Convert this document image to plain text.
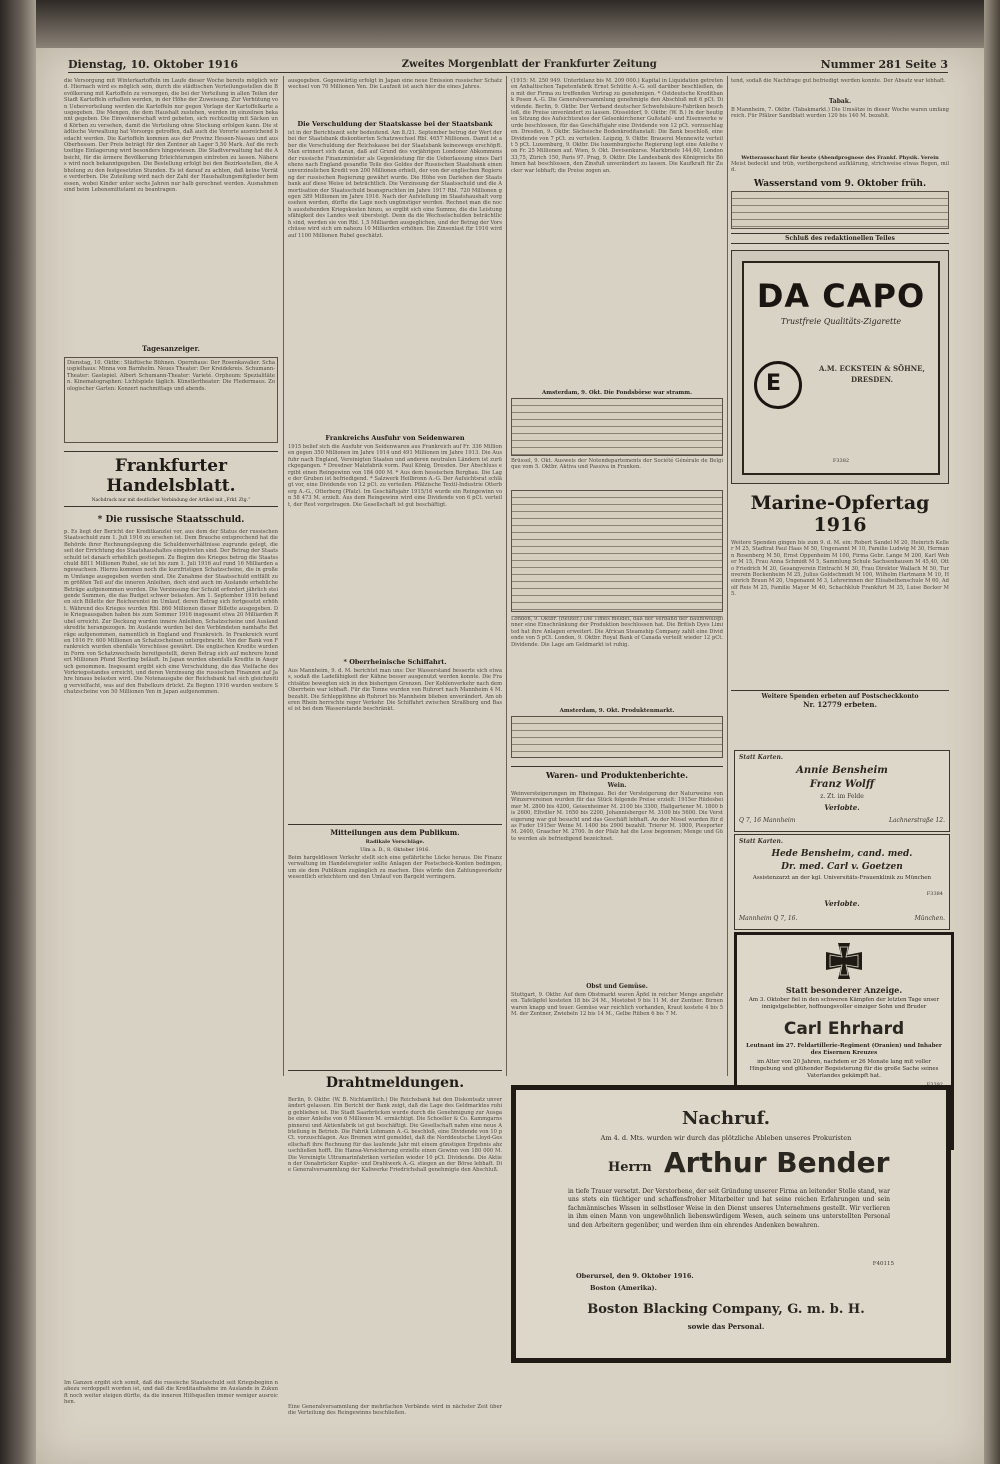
Dienstag, 10. Oktober 1916	Zweites Morgenblatt der Frankfurter Zeitung	Nummer 281 Seite 3
die Versorgung mit Winterkartoffeln im Laufe dieser Woche bereits möglich wird. Hiernach wird es möglich sein, durch die städtischen Verteilungsstellen die Bevölkerung mit Kartoffeln zu versorgen, die bei der Verteilung in allen Teilen der Stadt Kartoffeln erhalten werden, in der Höhe der Zuweisung. Zur Verhütung von Uebervorteilung werden die Kartoffeln nur gegen Vorlage der Kartoffelkarte ausgegeben. Die Mengen, die dem Haushalt zustehen, werden im einzelnen bekannt gegeben. Die Einwohnerschaft wird gebeten, sich rechtzeitig mit Säcken und Körben zu versehen, damit die Verteilung ohne Stockung erfolgen kann. Die städtische Verwaltung hat Vorsorge getroffen, daß auch die Vororte ausreichend bedacht werden. Die Kartoffeln kommen aus der Provinz Hessen-Nassau und aus Oberhessen. Der Preis beträgt für den Zentner ab Lager 5,50 Mark. Auf die rechtzeitige Einlagerung wird besonders hingewiesen. Die Stadtverwaltung hat die Absicht, für die ärmere Bevölkerung Erleichterungen eintreten zu lassen. Näheres wird noch bekanntgegeben. Die Bestellung erfolgt bei den Bezirksstellen, die Abholung zu den festgesetzten Stunden. Es ist darauf zu achten, daß keine Vorräte verderben. Die Zuteilung wird nach der Zahl der Haushaltungsmitglieder bemessen, wobei Kinder unter sechs Jahren nur halb gerechnet werden. Ausnahmen sind beim Lebensmittelamt zu beantragen.
Tagesanzeiger.
Dienstag, 10. Oktbr.: Städtische Bühnen. Opernhaus: Der Rosenkavalier. Schauspielhaus: Minna von Barnhelm. Neues Theater: Der Kreidekreis. Schumann-Theater: Gastspiel. Albert Schumann-Theater: Varieté. Orpheum: Spezialitäten. Kinematographen: Lichtspiele täglich. Künstlertheater: Die Fledermaus. Zoologischer Garten: Konzert nachmittags und abends.
Frankfurter Handelsblatt.
Nachdruck nur mit deutlicher Verbindung der Artikel mit „Frkf. Ztg.“
* Die russische Staatsschuld.
p. Es liegt der Bericht der Kreditkanzlei vor, aus dem der Status der russischen Staatsschuld zum 1. Juli 1916 zu ersehen ist. Dem Brauche entsprechend hat die Behörde ihrer Rechnungslegung die Schuldenverhältnisse zugrunde gelegt, die seit der Errichtung des Staatshaushaltes eingetreten sind. Der Betrag der Staatsschuld ist danach erheblich gestiegen. Zu Beginn des Krieges betrug die Staatsschuld 8811 Millionen Rubel, sie ist bis zum 1. Juli 1916 auf rund 16 Milliarden angewachsen. Hierzu kommen noch die kurzfristigen Schatzscheine, die in großem Umfange ausgegeben worden sind. Die Zunahme der Staatsschuld entfällt zum größten Teil auf die inneren Anleihen, doch sind auch im Auslande erhebliche Beträge aufgenommen worden. Die Verzinsung der Schuld erfordert jährlich steigende Summen, die das Budget schwer belasten. Am 1. September 1916 befanden sich Billette der Reichsrentei im Umlauf, deren Betrag sich fortgesetzt erhöht. Während des Krieges wurden Rbl. 860 Millionen dieser Billette ausgegeben. Die Kriegsausgaben haben bis zum Sommer 1916 insgesamt etwa 20 Milliarden Rubel erreicht. Zur Deckung wurden innere Anleihen, Schatzscheine und Auslandskredite herangezogen. Im Auslande wurden bei den Verbündeten namhafte Beträge aufgenommen, namentlich in England und Frankreich. In Frankreich wurden 1916 Fr. 600 Millionen an Schatzscheinen untergebracht. Von der Bank von Frankreich wurden ebenfalls Vorschüsse gewährt. Die englischen Kredite wurden in Form von Schatzwechseln bereitgestellt, deren Betrag sich auf mehrere hundert Millionen Pfund Sterling beläuft. In Japan wurden ebenfalls Kredite in Anspruch genommen. Insgesamt ergibt sich eine Verschuldung, die das Vielfache des Vorkriegsstandes erreicht, und deren Verzinsung die russischen Finanzen auf Jahre hinaus belasten wird. Die Notenausgabe der Reichsbank hat sich gleichzeitig vervielfacht, was auf den Rubelkurs drückt. Zu Beginn 1916 wurden weitere Schatzscheine von 50 Millionen Yen in Japan aufgenommen.
ausgegeben. Gegenwärtig erfolgt in Japan eine neue Emission russischer Schatzwechsel von 70 Millionen Yen. Die Laufzeit ist auch hier die eines Jahres.
Die Verschuldung der Staatskasse bei der Staatsbank
ist in der Berichtszeit sehr bedeutend. Am 8./21. September betrug der Wert der bei der Staatsbank diskontierten Schatzwechsel Rbl. 4657 Millionen. Damit ist aber die Verschuldung der Reichskasse bei der Staatsbank keineswegs erschöpft. Man erinnert sich daran, daß auf Grund des vorjährigen Londoner Abkommens der russische Finanzminister als Gegenleistung für die Ueberlassung eines Darlehens nach England gesandte Teile des Goldes der Russischen Staatsbank einen unverzinslichen Kredit von 200 Millionen erhielt, der von der englischen Regierung der russischen Regierung gewährt wurde. Die Höhe von Darlehen der Staatsbank auf diese Weise ist beträchtlich. Die Verzinsung der Staatsschuld und die Amortisation der Staatsschuld beanspruchten im Jahre 1917 Rbl. 720 Millionen gegen 389 Millionen im Jahre 1916. Nach der Aufstellung im Staatshaushalt vorgesehen werden, dürfte die Lage noch ungünstiger werden. Rechnet man die noch ausstehenden Kriegskosten hinzu, so ergibt sich eine Summe, die die Leistungsfähigkeit des Landes weit übersteigt. Denn da die Wechselschulden beträchtlich sind, werden sie von Rbl. 1,5 Milliarden ausgeglichen, und der Betrag der Vorschüsse wird sich um nahezu 10 Milliarden erhöhen. Die Zinsenlast für 1916 wird auf 1100 Millionen Rubel geschätzt.
Frankreichs Ausfuhr von Seidenwaren
1915 belief sich die Ausfuhr von Seidenwaren aus Frankreich auf Fr. 336 Millionen gegen 350 Millionen im Jahre 1914 und 491 Millionen im Jahre 1913. Die Ausfuhr nach England, Vereinigten Staaten und anderen neutralen Ländern ist zurückgegangen. * Dresdner Malzfabrik vorm. Paul König, Dresden. Der Abschluss ergibt einen Reingewinn von 184 000 M. * Aus dem hessischen Bergbau. Die Lage der Gruben ist befriedigend. * Salzwerk Heilbronn A.-G. Der Aufsichtsrat schlägt vor, eine Dividende von 12 pCt. zu verteilen. Pfälzische Textil-Industrie Otterberg A.-G., Otterberg (Pfalz). Im Geschäftsjahr 1915/16 wurde ein Reingewinn von 58 473 M. erzielt. Aus dem Reingewinn wird eine Dividende von 6 pCt. verteilt, der Rest vorgetragen. Die Gesellschaft ist gut beschäftigt.
* Oberrheinische Schiffahrt.
Aus Mannheim, 9. d. M. berichtet man uns: Der Wasserstand besserte sich etwas, sodaß die Ladefähigkeit der Kähne besser ausgenutzt werden konnte. Die Frachtsätze bewegten sich in den bisherigen Grenzen. Der Kohlenverkehr nach dem Oberrhein war lebhaft. Für die Tonne wurden von Ruhrort nach Mannheim 4 M. bezahlt. Die Schlepplöhne ab Ruhrort bis Mannheim blieben unverändert. Am oberen Rhein herrschte reger Verkehr. Die Schiffahrt zwischen Straßburg und Basel ist bei dem Wasserstande beschränkt.
Mitteilungen aus dem Publikum.
Radikale Vorschläge.
Ulm a. D., 8. Oktober 1916.
Beim hargeldlosen Verkehr stellt sich eine gefährliche Lücke heraus. Die Finanzverwaltung im Handelsregister sollte Anlagen der Postscheck-Konten bedingen, um sie dem Publikum zugänglich zu machen. Dies würde den Zahlungsverkehr wesentlich erleichtern und den Umlauf von Bargeld verringern.
Drahtmeldungen.
Berlin, 9. Oktbr. (W. B. Nichtamtlich.) Die Reichsbank hat den Diskontsatz unverändert gelassen. Ein Bericht der Bank zeigt, daß die Lage des Geldmarktes ruhig geblieben ist. Die Stadt Saarbrücken wurde durch die Genehmigung zur Ausgabe einer Anleihe von 6 Millionen M. ermächtigt. Die Schoeller & Co. Kammgarnspinnerei und Aktienfabrik ist gut beschäftigt. Die Gesellschaft nahm eine neue Abteilung in Betrieb. Die Fabrik Lohmann A.-G. beschloß, eine Dividende von 10 pCt. vorzuschlagen. Aus Bremen wird gemeldet, daß die Norddeutsche Lloyd-Gesellschaft ihre Rechnung für das laufende Jahr mit einem günstigen Ergebnis abzuschließen hofft. Die Hansa-Versicherung erzielte einen Gewinn von 180 000 M. Die Vereinigte Ultramarinfabriken verteilen wieder 10 pCt. Dividende. Die Aktien der Osnabrücker Kupfer- und Drahtwerk A.-G. stiegen an der Börse lebhaft. Die Generalversammlung der Kaliwerke Friedrichshall genehmigte den Abschluß.
(1915: M. 250 949. Unterbilanz bis M. 209 000.) Kapital in Liquidation getretenen Anhaltischen Tapetenfabrik Ernst Schütte A.-G. soll darüber beschließen, den mit der Firma zu treffenden Vertrag zu genehmigen. * Ostdeutsche Kreditbank Posen A.-G. Die Generalversammlung genehmigte den Abschluß mit 6 pCt. Dividende. Berlin, 9. Oktbr. Der Verband deutscher Schwefelsäure-Fabriken beschloß, die Preise unverändert zu lassen. Düsseldorf, 9. Oktbr. (W. B.) In der heutigen Sitzung des Aufsichtsrates der Gelsenkirchener Gußstahl- und Eisenwerke wurde beschlossen, für das Geschäftsjahr eine Dividende von 12 pCt. vorzuschlagen. Dresden, 9. Oktbr. Sächsische Bodenkreditanstalt: Die Bank beschloß, eine Dividende von 7 pCt. zu verteilen. Leipzig, 9. Oktbr. Brauerei Mennewitz verteilt 5 pCt. Luxemburg, 9. Oktbr. Die luxemburgische Regierung legt eine Anleihe von Fr. 25 Millionen auf. Wien, 9. Okt. Devisenkurse. Markbriefe 144,60, London 33,75, Zürich 150, Paris 97. Prag, 9. Oktbr. Die Landesbank des Königreichs Böhmen hat beschlossen, den Zinsfuß unverändert zu lassen. Die Kaufkraft für Zucker war lebhaft; die Preise zogen an.
Amsterdam, 9. Okt. Die Fondsbörse war stramm.
Brüssel, 9. Okt. Ausweis der Notendepartements der Société Générale de Belgique vom 5. Oktbr. Aktiva und Passiva in Franken.
London, 9. Oktbr. (Reuter.) Die Times meldet, daß der Verband der Baumwollspinner eine Einschränkung der Produktion beschlossen hat. Die British Dyes Limited hat ihre Anlagen erweitert. Die African Steamship Company zahlt eine Dividende von 5 pCt. London, 9. Oktbr. Royal Bank of Canada verteilt wieder 12 pCt. Dividende. Die Lage am Geldmarkt ist ruhig.
Amsterdam, 9. Okt. Produktenmarkt.
Waren- und Produktenberichte.
Wein.
Weinversteigerungen im Rheingau. Bei der Versteigerung der Naturweine von Winzervereinen wurden für das Stück folgende Preise erzielt: 1915er Rüdesheimer M. 2800 bis 4200, Geisenheimer M. 2100 bis 3300, Hallgartener M. 1800 bis 2600, Eltviller M. 1650 bis 2200, Johannisberger M. 3100 bis 5600. Die Versteigerung war gut besucht und das Geschäft lebhaft. An der Mosel wurden für das Fuder 1915er Weine M. 1400 bis 2900 bezahlt. Trierer M. 1800, Piesporter M. 2400, Graacher M. 2700. In der Pfalz hat die Lese begonnen; Menge und Güte werden als befriedigend bezeichnet.
Obst und Gemüse.
Stuttgart, 9. Oktbr. Auf dem Obstmarkt waren Äpfel in reicher Menge angefahren. Tafeläpfel kosteten 18 bis 24 M., Mostobst 9 bis 11 M. der Zentner. Birnen waren knapp und teuer. Gemüse war reichlich vorhanden, Kraut kostete 4 bis 5 M. der Zentner, Zwiebeln 12 bis 14 M., Gelbe Rüben 6 bis 7 M.
tend, sodaß die Nachfrage gut befriedigt werden konnte. Der Absatz war lebhaft.
Tabak.
B Mannheim, 7. Oktbr. (Tabakmarkt.) Die Umsätze in dieser Woche waren umfangreich. Für Pfälzer Sandblatt wurden 120 bis 140 M. bezahlt.
Wetterausschaut für heute (Abendprognose des Frankf. Physik. Verein
Meist bedeckt und trüb, vorübergehend aufklärung, strichweise etwas Regen, mild.
Wasserstand vom 9. Oktober früh.
Schluß des redaktionellen Teiles
DA CAPO
Trustfreie Qualitäts-Zigarette
E
A.M. ECKSTEIN & SÖHNE, DRESDEN.
F3382
Marine-Opfertag 1916
Weitere Spenden gingen bis zum 9. d. M. ein: Robert Sandel M 20, Heinrich Keller M 25, Stadtrat Paul Haas M 50, Ungenannt M 10, Familie Ludwig M 30, Hermann Rosenberg M 50, Ernst Oppenheim M 100, Firma Gebr. Lange M 200, Karl Weber M 15, Frau Anna Schmidt M 5, Sammlung Schule Sachsenhausen M 45,40, Otto Friedrich M 20, Gesangverein Eintracht M 30, Frau Direktor Wallach M 50, Turnverein Bockenheim M 25, Julius Goldschmidt M 100, Wilhelm Hartmann M 10, Heinrich Braun M 20, Ungenannt M 3, Lehrerinnen der Elisabethenschule M 60, Adolf Reis M 25, Familie Mayer M 40, Schachklub Frankfurt M 35, Luise Becker M 5.
Weitere Spenden erbeten auf Postscheckkonto
Nr. 12779 erbeten.
Statt Karten.
Annie Bensheim
Franz Wolff
z. Zt. im Felde
Verlobte.
Q 7, 16 Mannheim	Lachnerstraße 12.
Statt Karten.
Hede Bensheim, cand. med.
Dr. med. Carl v. Goetzen
Assistenzarzt an der kgl. Universitäts-Frauenklinik zu München
F3384
Verlobte.
Mannheim Q 7, 16.	München.
Statt besonderer Anzeige.
Am 3. Oktober fiel in den schweren Kämpfen der letzten Tage unser innigstgeliebter, hoffnungsvoller einziger Sohn und Bruder
Carl Ehrhard
Leutnant im 27. Feldartillerie-Regiment (Oranien) und Inhaber des Eisernen Kreuzes
im Alter von 20 Jahren, nachdem er 26 Monate lang mit voller Hingebung und glühender Begeisterung für die große Sache seines Vaterlandes gekämpft hat.
Nachruf.
Am 4. d. Mts. wurden wir durch das plötzliche Ableben unseres Prokuristen
Herrn Arthur Bender
in tiefe Trauer versetzt. Der Verstorbene, der seit Gründung unserer Firma an leitender Stelle stand, war uns stets ein tüchtiger und schaffensfroher Mitarbeiter und hat seine reichen Erfahrungen und sein fachmännisches Wissen in selbstloser Weise in den Dienst unseres Unternehmens gestellt. Wir verlieren in ihm einen Mann von ungewöhnlich liebenswürdigem Wesen, auch seinem uns unterstellten Personal und den Arbeitern gegenüber, und werden ihm ein ehrendes Andenken bewahren.
F40115
Oberursel, den 9. Oktober 1916.
Boston (Amerika).
Boston Blacking Company, G. m. b. H.
sowie das Personal.
Im Ganzen ergibt sich somit, daß die russische Staatsschuld seit Kriegsbeginn nahezu verdoppelt worden ist, und daß die Kreditaufnahme im Auslande in Zukunft noch weiter steigen dürfte, da die inneren Hilfsquellen immer weniger ausreichen.
Eine Generalversammlung der mehrfachen Verbände wird in nächster Zeit über die Verteilung des Reingewinns beschließen.
